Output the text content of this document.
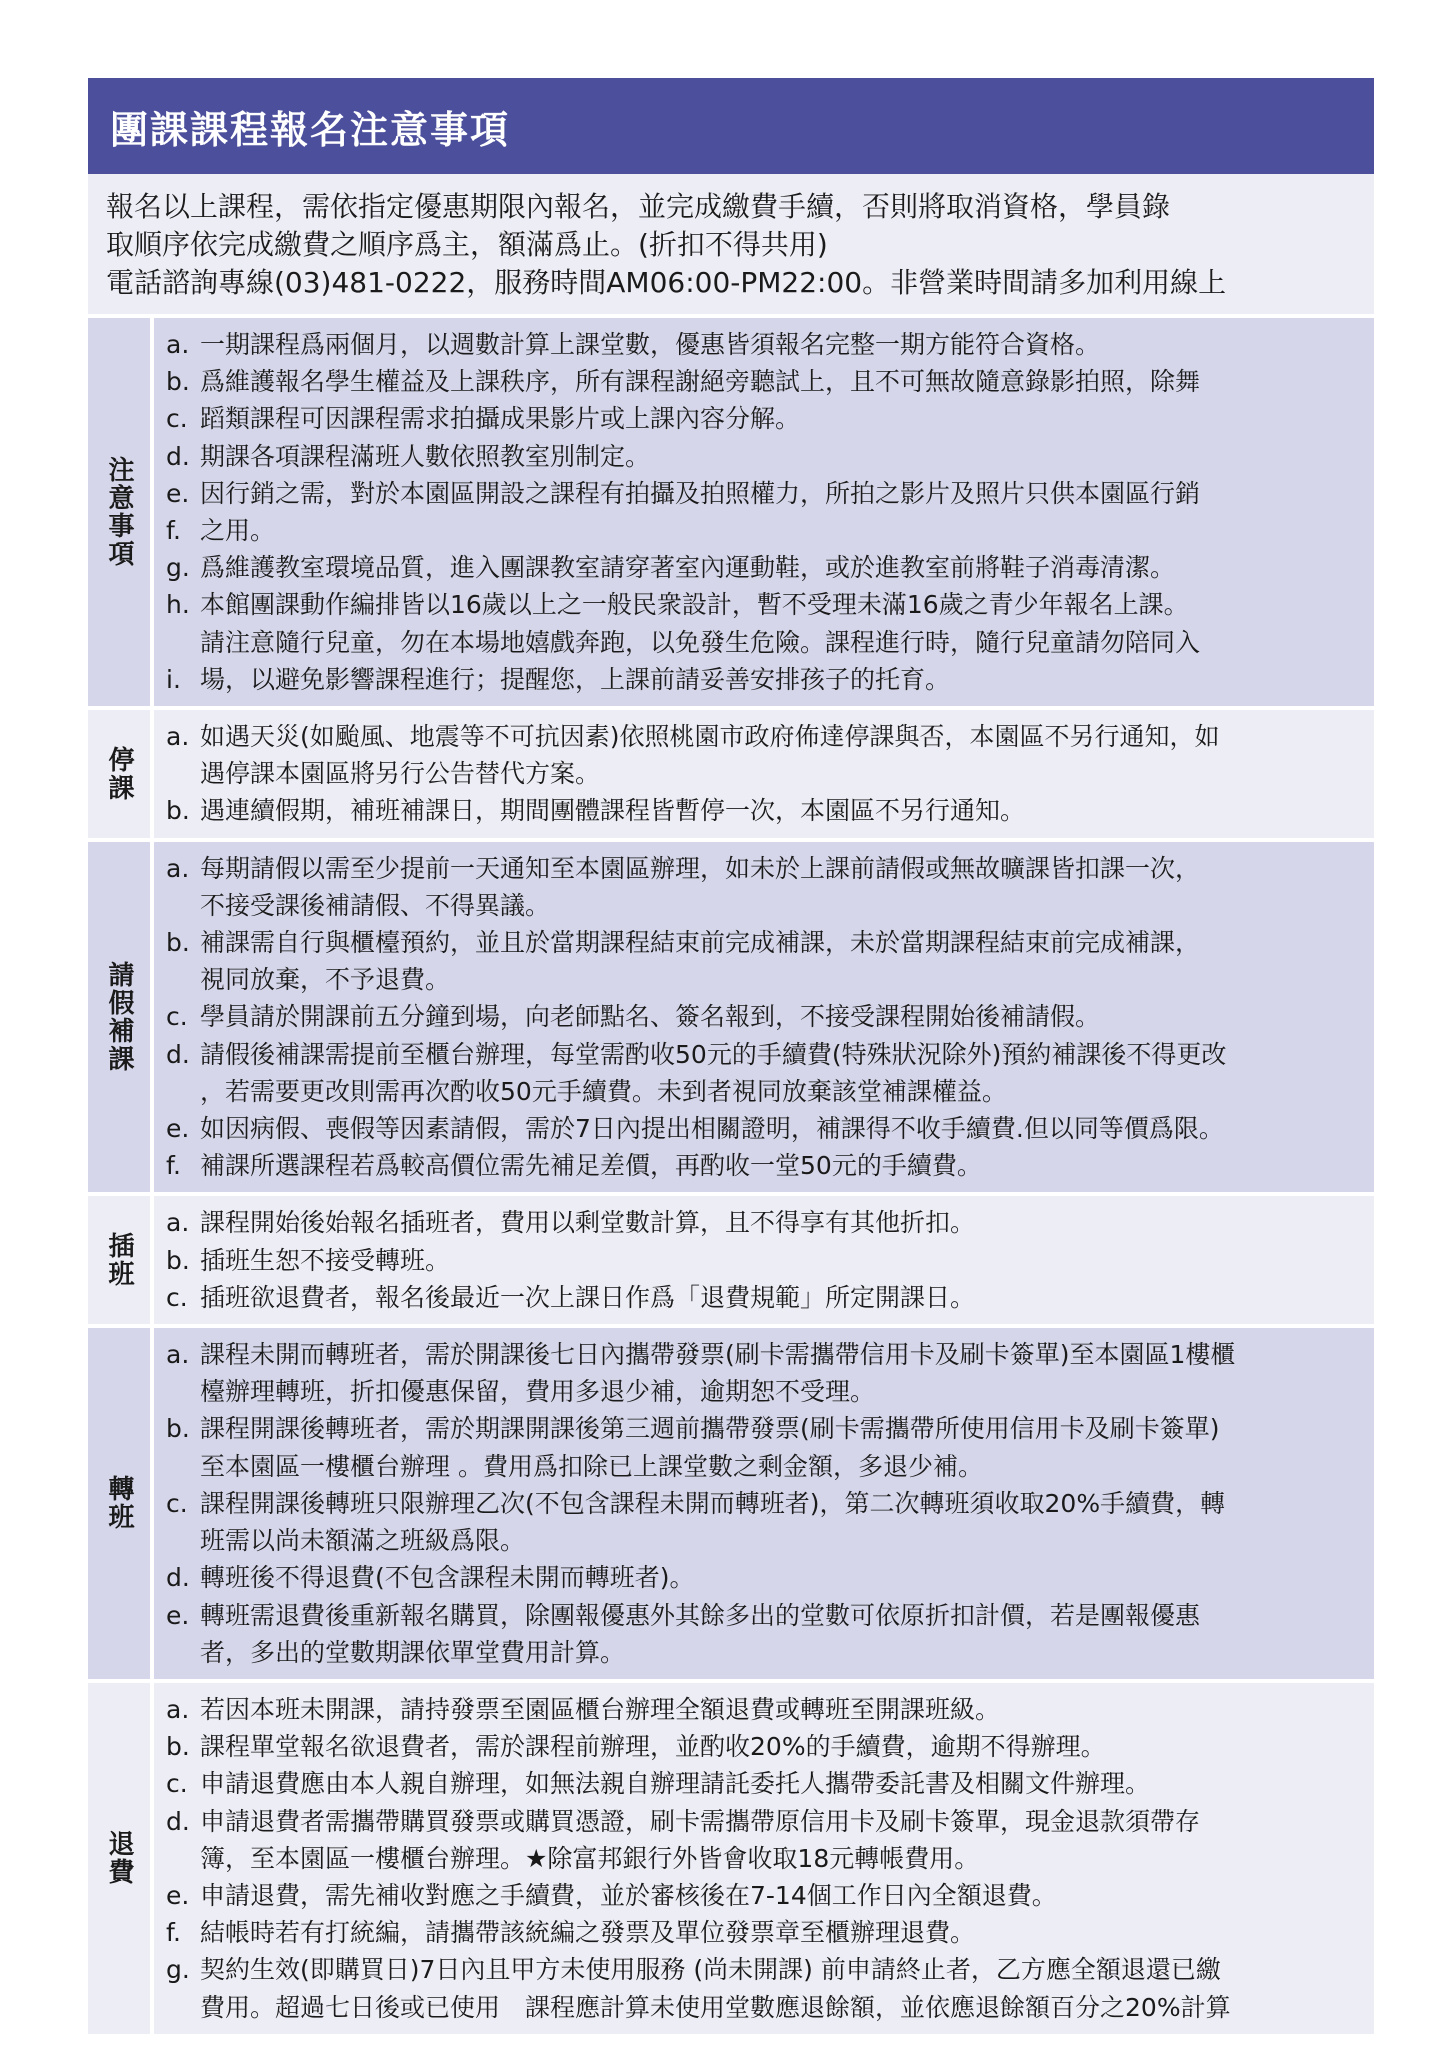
團課課程報名注意事項

報名以上課程，需依指定優惠期限內報名，並完成繳費手續，否則將取消資格，學員錄

取順序依完成繳費之順序爲主，額滿爲止。(折扣不得共用)

電話諮詢專線(03)481-0222，服務時間AM06:00-PM22:00。非營業時間請多加利用線上

注意事項
a. 一期課程爲兩個月，以週數計算上課堂數，優惠皆須報名完整一期方能符合資格。
b. 爲維護報名學生權益及上課秩序，所有課程謝絕旁聽試上，且不可無故隨意錄影拍照，除舞
c. 蹈類課程可因課程需求拍攝成果影片或上課內容分解。
d. 期課各項課程滿班人數依照教室別制定。
e. 因行銷之需，對於本園區開設之課程有拍攝及拍照權力，所拍之影片及照片只供本園區行銷
f. 之用。
g. 爲維護教室環境品質，進入團課教室請穿著室內運動鞋，或於進教室前將鞋子消毒清潔。
h. 本館團課動作編排皆以16歲以上之一般民衆設計，暫不受理未滿16歲之青少年報名上課。
請注意隨行兒童，勿在本場地嬉戲奔跑，以免發生危險。課程進行時，隨行兒童請勿陪同入
i. 場，以避免影響課程進行；提醒您，上課前請妥善安排孩子的托育。
停課
a. 如遇天災(如颱風、地震等不可抗因素)依照桃園市政府佈達停課與否，本園區不另行通知，如
遇停課本園區將另行公告替代方案。
b. 遇連續假期，補班補課日，期間團體課程皆暫停一次，本園區不另行通知。
請假補課
a. 每期請假以需至少提前一天通知至本園區辦理，如未於上課前請假或無故曠課皆扣課一次，
不接受課後補請假、不得異議。
b. 補課需自行與櫃檯預約，並且於當期課程結束前完成補課，未於當期課程結束前完成補課，
視同放棄，不予退費。
c. 學員請於開課前五分鐘到場，向老師點名、簽名報到，不接受課程開始後補請假。
d. 請假後補課需提前至櫃台辦理，每堂需酌收50元的手續費(特殊狀況除外)預約補課後不得更改
，若需要更改則需再次酌收50元手續費。未到者視同放棄該堂補課權益。
e. 如因病假、喪假等因素請假，需於7日內提出相關證明，補課得不收手續費.但以同等價爲限。
f. 補課所選課程若爲較高價位需先補足差價，再酌收一堂50元的手續費。
插班
a. 課程開始後始報名插班者，費用以剩堂數計算，且不得享有其他折扣。
b. 插班生恕不接受轉班。
c. 插班欲退費者，報名後最近一次上課日作爲「退費規範」所定開課日。
轉班
a. 課程未開而轉班者，需於開課後七日內攜帶發票(刷卡需攜帶信用卡及刷卡簽單)至本園區1樓櫃
檯辦理轉班，折扣優惠保留，費用多退少補，逾期恕不受理。
b. 課程開課後轉班者，需於期課開課後第三週前攜帶發票(刷卡需攜帶所使用信用卡及刷卡簽單)
至本園區一樓櫃台辦理 。費用爲扣除已上課堂數之剩金額，多退少補。
c. 課程開課後轉班只限辦理乙次(不包含課程未開而轉班者)，第二次轉班須收取20%手續費，轉
班需以尚未額滿之班級爲限。
d. 轉班後不得退費(不包含課程未開而轉班者)。
e. 轉班需退費後重新報名購買，除團報優惠外其餘多出的堂數可依原折扣計價，若是團報優惠
者，多出的堂數期課依單堂費用計算。
退費
a. 若因本班未開課，請持發票至園區櫃台辦理全額退費或轉班至開課班級。
b. 課程單堂報名欲退費者，需於課程前辦理，並酌收20%的手續費，逾期不得辦理。
c. 申請退費應由本人親自辦理，如無法親自辦理請託委托人攜帶委託書及相關文件辦理。
d. 申請退費者需攜帶購買發票或購買憑證，刷卡需攜帶原信用卡及刷卡簽單，現金退款須帶存
簿，至本園區一樓櫃台辦理。★除富邦銀行外皆會收取18元轉帳費用。
e. 申請退費，需先補收對應之手續費，並於審核後在7-14個工作日內全額退費。
f. 結帳時若有打統編，請攜帶該統編之發票及單位發票章至櫃辦理退費。
g. 契約生效(即購買日)7日內且甲方未使用服務 (尚未開課) 前申請終止者，乙方應全額退還已繳
費用。超過七日後或已使用　課程應計算未使用堂數應退餘額，並依應退餘額百分之20%計算
